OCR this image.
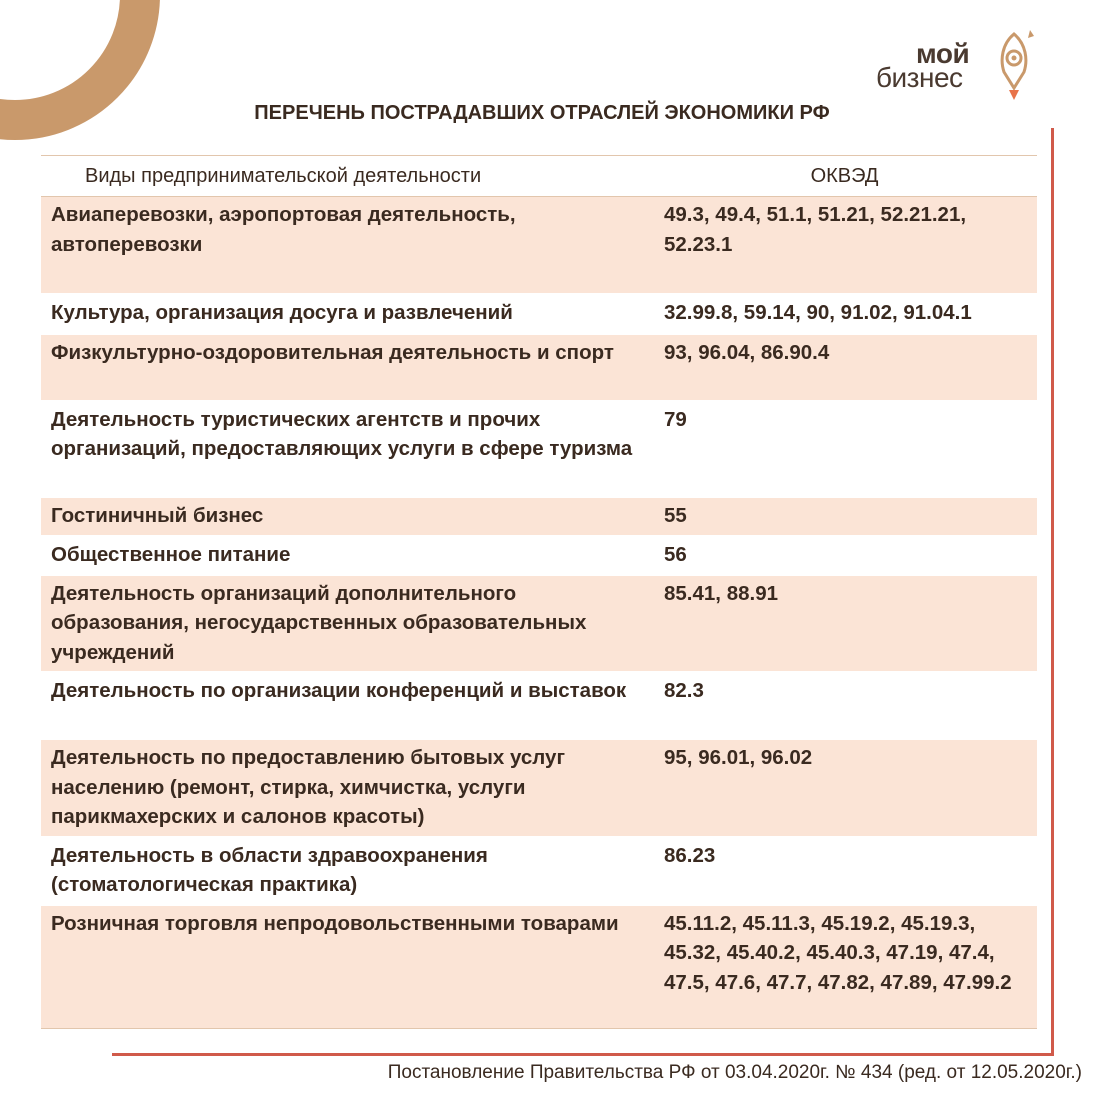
мой
бизнес
ПЕРЕЧЕНЬ ПОСТРАДАВШИХ ОТРАСЛЕЙ ЭКОНОМИКИ РФ
Виды предпринимательской деятельности	ОКВЭД
Авиаперевозки, аэропортовая деятельность, автоперевозки	49.3, 49.4, 51.1, 51.21, 52.21.21, 52.23.1
Культура, организация досуга и развлечений	32.99.8, 59.14, 90, 91.02, 91.04.1
Физкультурно-оздоровительная деятельность и спорт	93, 96.04, 86.90.4
Деятельность туристических агентств и прочих организаций, предоставляющих услуги в сфере туризма	79
Гостиничный бизнес	55
Общественное питание	56
Деятельность организаций дополнительного образования, негосударственных образовательных учреждений	85.41, 88.91
Деятельность по организации конференций и выставок	82.3
Деятельность по предоставлению бытовых услуг населению (ремонт, стирка, химчистка, услуги парикмахерских и салонов красоты)	95, 96.01, 96.02
Деятельность в области здравоохранения (стоматологическая практика)	86.23
Розничная торговля непродовольственными товарами	45.11.2, 45.11.3, 45.19.2, 45.19.3, 45.32, 45.40.2, 45.40.3, 47.19, 47.4, 47.5, 47.6, 47.7, 47.82, 47.89, 47.99.2
Постановление Правительства РФ от 03.04.2020г. № 434 (ред. от 12.05.2020г.)
